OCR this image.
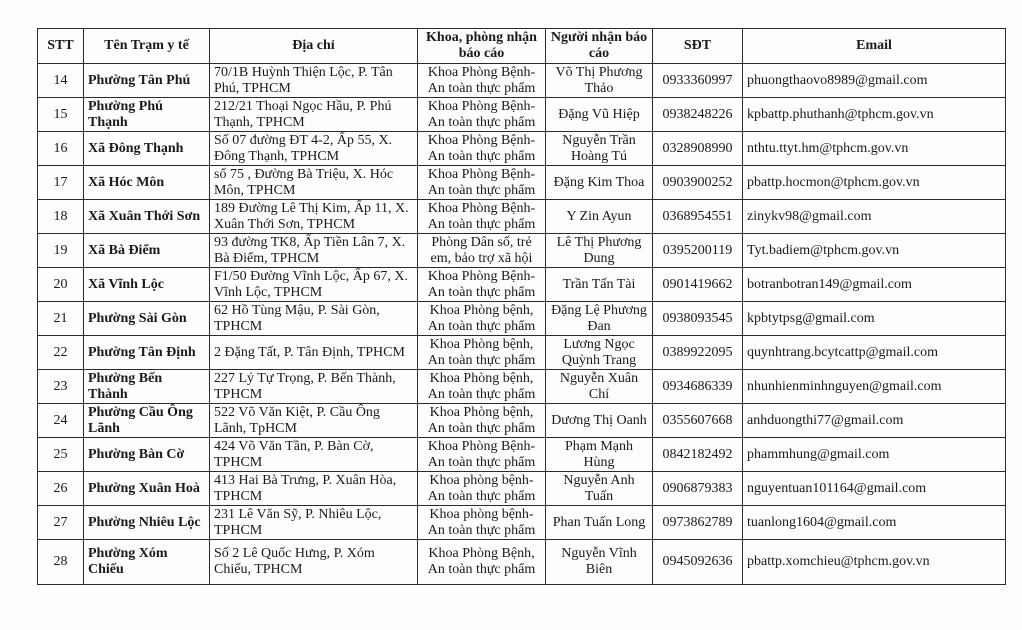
STT	Tên Trạm y tế	Địa chỉ	Khoa, phòng nhận báo cáo	Người nhận báo cáo	SĐT	Email
14	Phường Tân Phú	70/1B Huỳnh Thiện Lộc, P. Tân Phú, TPHCM	Khoa Phòng Bệnh-An toàn thực phẩm	Võ Thị Phương Thảo	0933360997	phuongthaovo8989@gmail.com
15	Phường Phú Thạnh	212/21 Thoại Ngọc Hầu, P. Phú Thạnh, TPHCM	Khoa Phòng Bệnh-An toàn thực phẩm	Đặng Vũ Hiệp	0938248226	kpbattp.phuthanh@tphcm.gov.vn
16	Xã Đông Thạnh	Số 07 đường ĐT 4-2, Ấp 55, X. Đông Thạnh, TPHCM	Khoa Phòng Bệnh-An toàn thực phẩm	Nguyễn Trần Hoàng Tú	0328908990	nthtu.ttyt.hm@tphcm.gov.vn
17	Xã Hóc Môn	số 75 , Đường Bà Triệu, X. Hóc Môn, TPHCM	Khoa Phòng Bệnh-An toàn thực phẩm	Đặng Kim Thoa	0903900252	pbattp.hocmon@tphcm.gov.vn
18	Xã Xuân Thới Sơn	189 Đường Lê Thị Kim, Ấp 11, X. Xuân Thới Sơn, TPHCM	Khoa Phòng Bệnh-An toàn thực phẩm	Y Zin Ayun	0368954551	zinykv98@gmail.com
19	Xã Bà Điểm	93 đường TK8, Ấp Tiền Lân 7, X. Bà Điểm, TPHCM	Phòng Dân số, trẻ em, bảo trợ xã hội	Lê Thị Phương Dung	0395200119	Tyt.badiem@tphcm.gov.vn
20	Xã Vĩnh Lộc	F1/50 Đường Vĩnh Lộc, Ấp 67, X. Vĩnh Lộc, TPHCM	Khoa Phòng Bệnh-An toàn thực phẩm	Trần Tấn Tài	0901419662	botranbotran149@gmail.com
21	Phường Sài Gòn	62 Hồ Tùng Mậu, P. Sài Gòn, TPHCM	Khoa Phòng bệnh, An toàn thực phẩm	Đặng Lệ Phương Đan	0938093545	kpbtytpsg@gmail.com
22	Phường Tân Định	2 Đặng Tất, P. Tân Định, TPHCM	Khoa Phòng bệnh, An toàn thực phẩm	Lương Ngọc Quỳnh Trang	0389922095	quynhtrang.bcytcattp@gmail.com
23	Phường Bến Thành	227 Lý Tự Trọng, P. Bến Thành, TPHCM	Khoa Phòng bệnh, An toàn thực phẩm	Nguyễn Xuân Chí	0934686339	nhunhienminhnguyen@gmail.com
24	Phường Cầu Ông Lãnh	522 Võ Văn Kiệt, P. Cầu Ông Lãnh, TpHCM	Khoa Phòng bệnh, An toàn thực phẩm	Dương Thị Oanh	0355607668	anhduongthi77@gmail.com
25	Phường Bàn Cờ	424 Võ Văn Tần, P. Bàn Cờ, TPHCM	Khoa Phòng Bệnh-An toàn thực phẩm	Phạm Mạnh Hùng	0842182492	phammhung@gmail.com
26	Phường Xuân Hoà	413 Hai Bà Trưng, P. Xuân Hòa, TPHCM	Khoa phòng bệnh-An toàn thực phẩm	Nguyễn Anh Tuấn	0906879383	nguyentuan101164@gmail.com
27	Phường Nhiêu Lộc	231 Lê Văn Sỹ, P. Nhiêu Lộc, TPHCM	Khoa phòng bệnh-An toàn thực phẩm	Phan Tuấn Long	0973862789	tuanlong1604@gmail.com
28	Phường Xóm Chiếu	Số 2 Lê Quốc Hưng, P. Xóm Chiếu, TPHCM	Khoa Phòng Bệnh, An toàn thực phẩm	Nguyễn Vĩnh Biên	0945092636	pbattp.xomchieu@tphcm.gov.vn
